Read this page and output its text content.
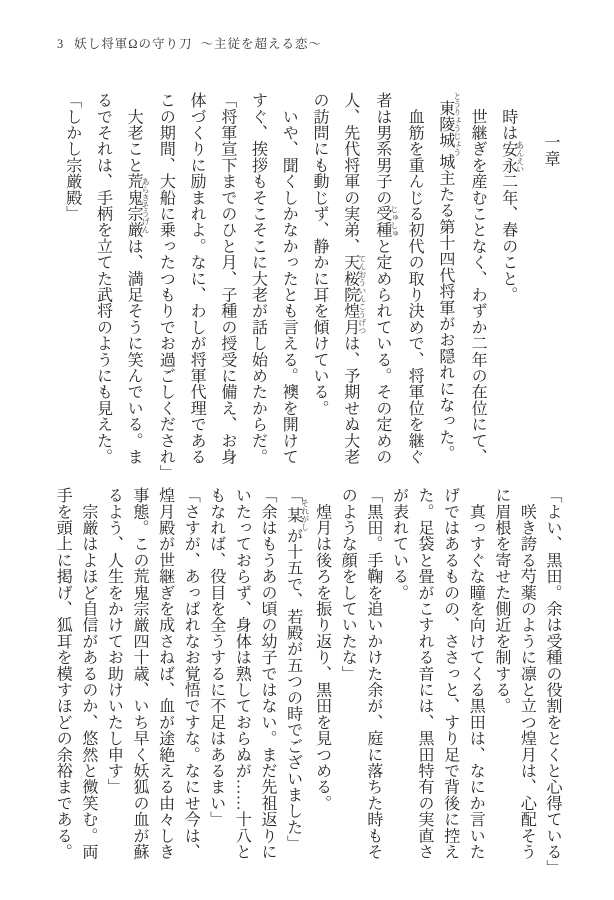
3 妖し将軍Ωの守り刀 〜主従を超える恋〜
一章
　時は安永 あんえい二年、春のこと。
　世継ぎを産むことなく、わずか二年の在位にて、
東陵城 とうりょうじょう城主たる第十四代将軍がお隠れになった。
　血筋を重んじる初代の取り決めで、将軍位を継ぐ
者は男系男子の受種 じゅしゅと定められている。その定めの
人、先代将軍の実弟、天桜院煌月 てんおういんこうげつは、予期せぬ大老
の訪問にも動じず、静かに耳を傾けている。
　いや、聞くしかなかったとも言える。襖を開けて
すぐ、挨拶もそこそこに大老が話し始めたからだ。
「将軍宣下までのひと月、子種の授受に備え、お身
体づくりに励まれよ。なに、わしが将軍代理である
この期間、大船に乗ったつもりでお過ごしくだされ」
　大老こと荒鬼宗厳 あらきそうげんは、満足そうに笑んでいる。ま
るでそれは、手柄を立てた武将のようにも見えた。
「しかし宗厳殿」
「よい、黒田。余は受種の役割をとくと心得ている」
　咲き誇る芍薬のように凛と立つ煌月は、心配そう
に眉根を寄せた側近を制する。
　真っすぐな瞳を向けてくる黒田は、なにか言いた
げではあるものの、ささっと、すり足で背後に控え
た。足袋と畳がこすれる音には、黒田特有の実直さ
が表れている。
「黒田。手鞠を追いかけた余が、庭に落ちた時もそ
のような顔をしていたな」
　煌月は後ろを振り返り、黒田を見つめる。
「某 それがしが十五で、若殿が五つの時でございました」
「余はもうあの頃の幼子ではない。まだ先祖返りに
いたっておらず、身体は熟しておらぬが……十八と
もなれば、役目を全うするに不足はあるまい」
「さすが、あっぱれなお覚悟ですな。なにせ今は、
煌月殿が世継ぎを成さねば、血が途絶える由々しき
事態。この荒鬼宗厳四十歳、いち早く妖狐の血が蘇
るよう、人生をかけてお助けいたし申す」
　宗厳はよほど自信があるのか、悠然と微笑む。両
手を頭上に掲げ、狐耳を模すほどの余裕まである。
